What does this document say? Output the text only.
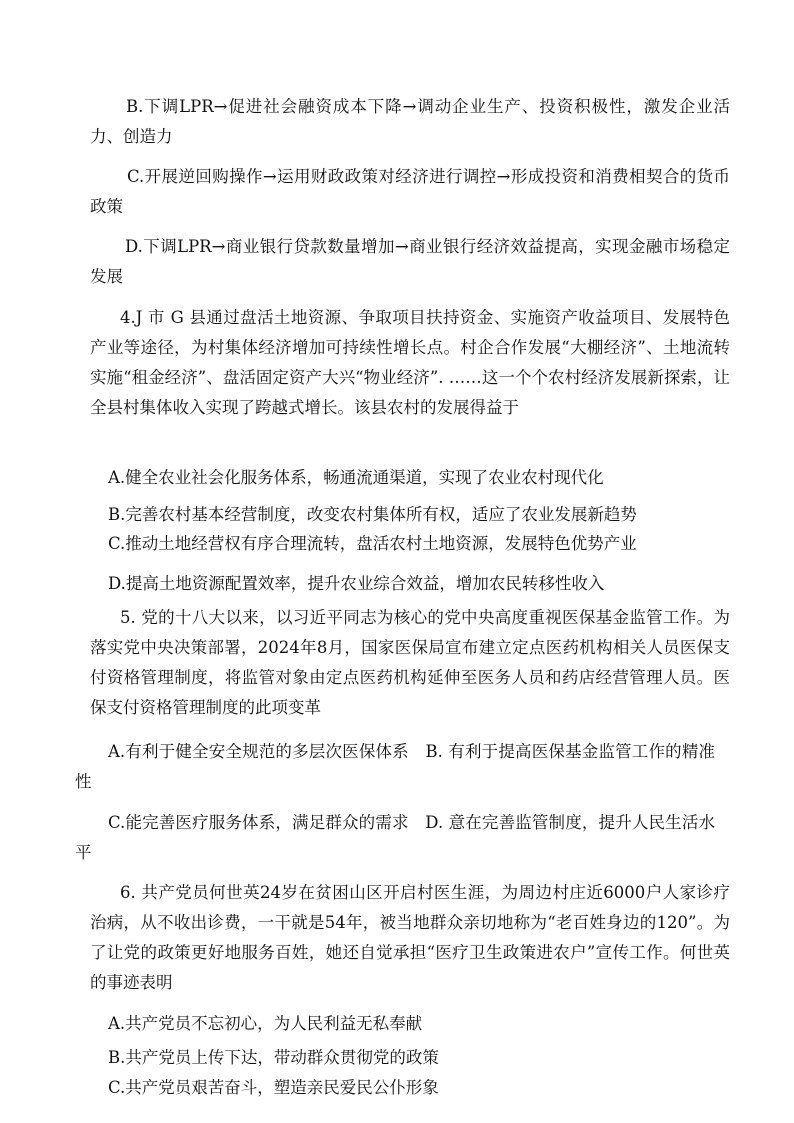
B.下调LPR→促进社会融资成本下降→调动企业生产、投资积极性，激发企业活力、创造力

C.开展逆回购操作→运用财政政策对经济进行调控→形成投资和消费相契合的货币政策

D.下调LPR→商业银行贷款数量增加→商业银行经济效益提高，实现金融市场稳定发展

4.J 市 G 县通过盘活土地资源、争取项目扶持资金、实施资产收益项目、发展特色产业等途径，为村集体经济增加可持续性增长点。村企合作发展“大棚经济”、土地流转实施“租金经济”、盘活固定资产大兴“物业经济”. ……这一个个农村经济发展新探索，让全县村集体收入实现了跨越式增长。该县农村的发展得益于

A.健全农业社会化服务体系，畅通流通渠道，实现了农业农村现代化

B.完善农村基本经营制度，改变农村集体所有权，适应了农业发展新趋势

C.推动土地经营权有序合理流转，盘活农村土地资源，发展特色优势产业

D.提高土地资源配置效率，提升农业综合效益，增加农民转移性收入

5. 党的十八大以来，以习近平同志为核心的党中央高度重视医保基金监管工作。为落实党中央决策部署，2024年8月，国家医保局宣布建立定点医药机构相关人员医保支付资格管理制度，将监管对象由定点医药机构延伸至医务人员和药店经营管理人员。医保支付资格管理制度的此项变革

A.有利于健全安全规范的多层次医保体系　B. 有利于提高医保基金监管工作的精准性

C.能完善医疗服务体系，满足群众的需求　D. 意在完善监管制度，提升人民生活水平

6. 共产党员何世英24岁在贫困山区开启村医生涯，为周边村庄近6000户人家诊疗治病，从不收出诊费，一干就是54年，被当地群众亲切地称为“老百姓身边的120”。为了让党的政策更好地服务百姓，她还自觉承担“医疗卫生政策进农户”宣传工作。何世英的事迹表明

A.共产党员不忘初心，为人民利益无私奉献

B.共产党员上传下达，带动群众贯彻党的政策

C.共产党员艰苦奋斗，塑造亲民爱民公仆形象
